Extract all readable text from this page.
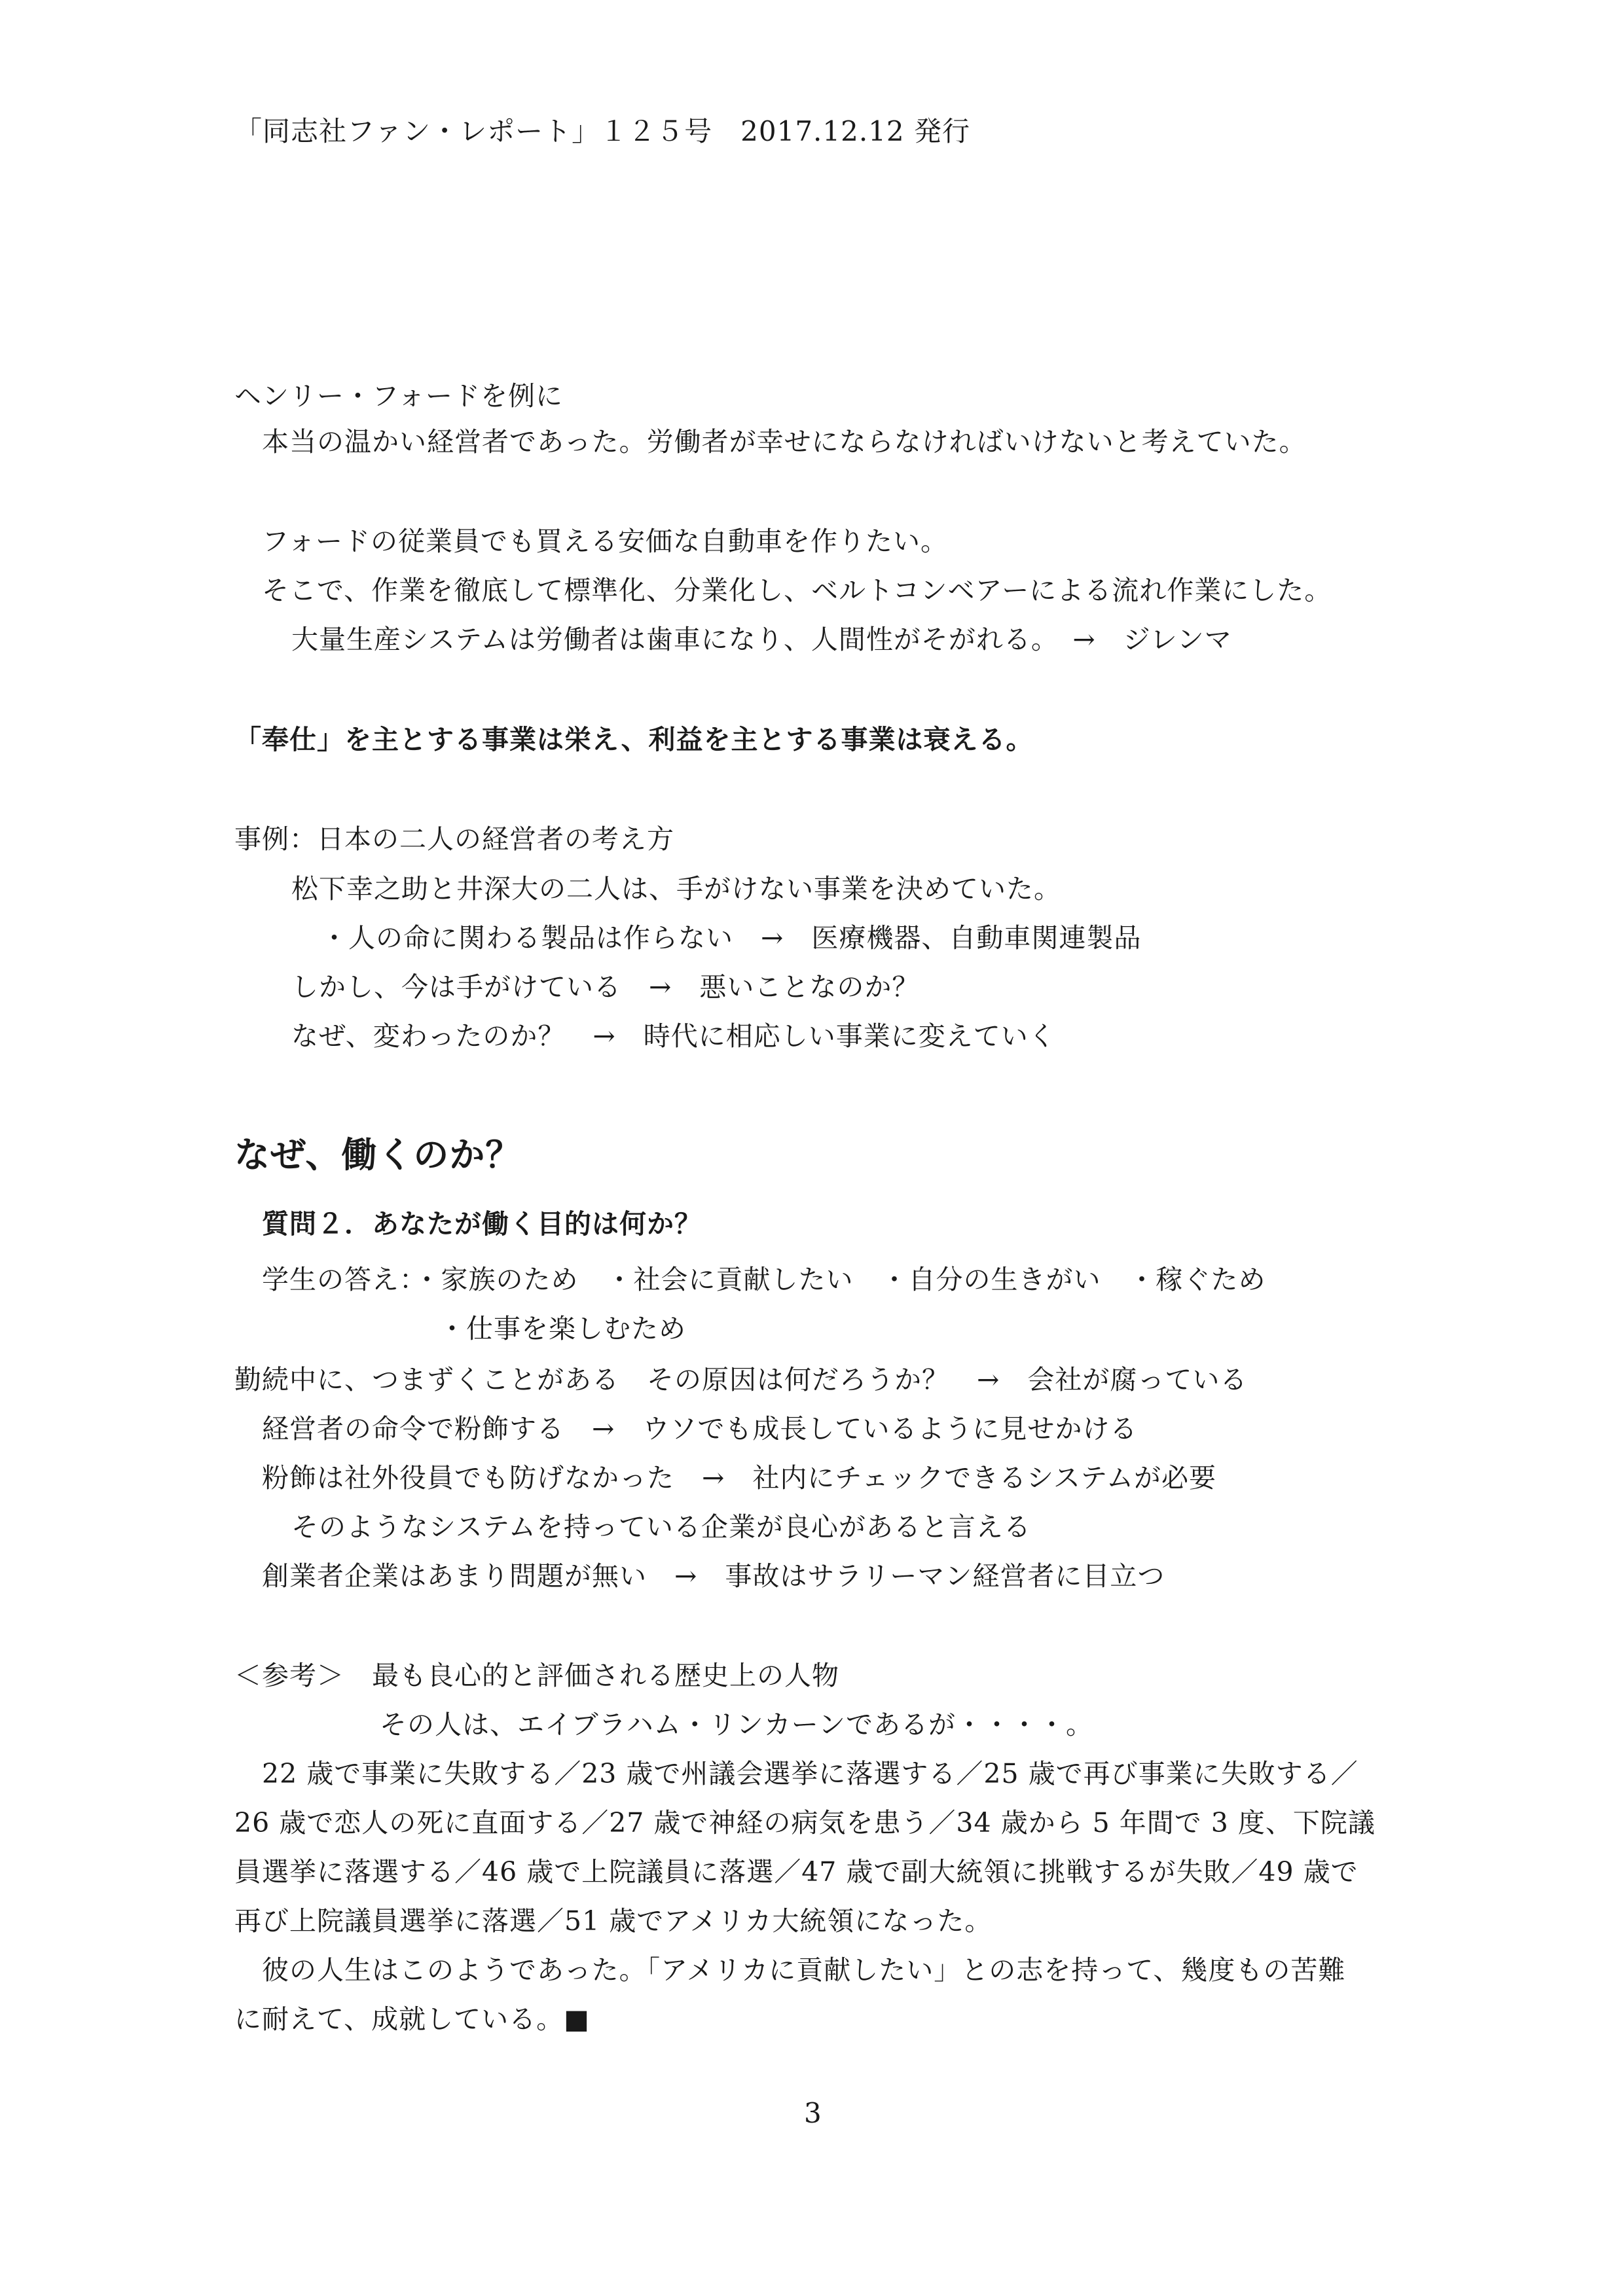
「同志社ファン・レポート」１２５号　2017.12.12 発行
ヘンリー・フォードを例に
本当の温かい経営者であった。労働者が幸せにならなければいけないと考えていた。
フォードの従業員でも買える安価な自動車を作りたい。
そこで、作業を徹底して標準化、分業化し、ベルトコンベアーによる流れ作業にした。
大量生産システムは労働者は歯車になり、人間性がそがれる。　→　ジレンマ
「奉仕」を主とする事業は栄え、利益を主とする事業は衰える。
事例：日本の二人の経営者の考え方
松下幸之助と井深大の二人は、手がけない事業を決めていた。
・人の命に関わる製品は作らない　→　医療機器、自動車関連製品
しかし、今は手がけている　→　悪いことなのか？
なぜ、変わったのか？　→　時代に相応しい事業に変えていく
なぜ、働くのか？
質問２．あなたが働く目的は何か？
学生の答え：・家族のため　・社会に貢献したい　・自分の生きがい　・稼ぐため
・仕事を楽しむため
勤続中に、つまずくことがある　その原因は何だろうか？　→　会社が腐っている
経営者の命令で粉飾する　→　ウソでも成長しているように見せかける
粉飾は社外役員でも防げなかった　→　社内にチェックできるシステムが必要
そのようなシステムを持っている企業が良心があると言える
創業者企業はあまり問題が無い　→　事故はサラリーマン経営者に目立つ
＜参考＞　最も良心的と評価される歴史上の人物
その人は、エイブラハム・リンカーンであるが・・・・。
22 歳で事業に失敗する／23 歳で州議会選挙に落選する／25 歳で再び事業に失敗する／
26 歳で恋人の死に直面する／27 歳で神経の病気を患う／34 歳から 5 年間で 3 度、下院議
員選挙に落選する／46 歳で上院議員に落選／47 歳で副大統領に挑戦するが失敗／49 歳で
再び上院議員選挙に落選／51 歳でアメリカ大統領になった。
彼の人生はこのようであった。「アメリカに貢献したい」との志を持って、幾度もの苦難
に耐えて、成就している。■
3
